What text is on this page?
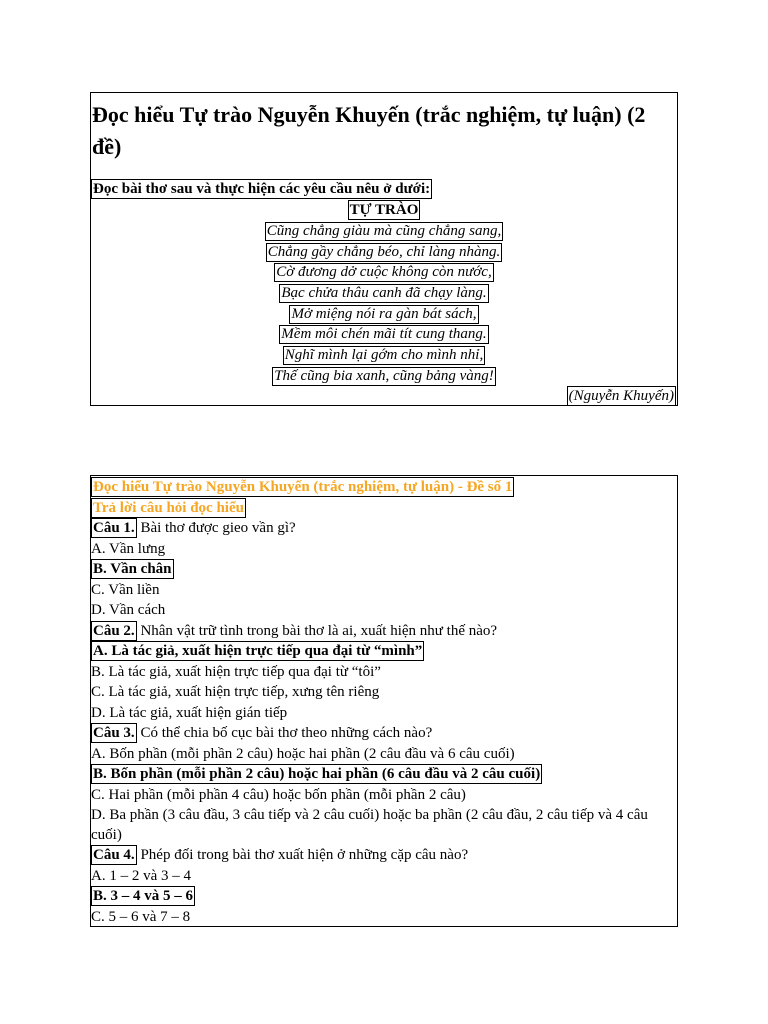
Đọc hiểu Tự trào Nguyễn Khuyến (trắc nghiệm, tự luận) (2 đề)
Đọc bài thơ sau và thực hiện các yêu cầu nêu ở dưới:
TỰ TRÀO
Cũng chẳng giàu mà cũng chẳng sang,
Chẳng gầy chẳng béo, chỉ làng nhàng.
Cờ đương dở cuộc không còn nước,
Bạc chửa thâu canh đã chạy làng.
Mở miệng nói ra gàn bát sách,
Mềm môi chén mãi tít cung thang.
Nghĩ mình lại gớm cho mình nhỉ,
Thế cũng bia xanh, cũng bảng vàng!
(Nguyễn Khuyến)
Đọc hiểu Tự trào Nguyễn Khuyến (trắc nghiệm, tự luận) - Đề số 1
Trả lời câu hỏi đọc hiểu
Câu 1. Bài thơ được gieo vần gì?
A. Vần lưng
B. Vần chân
C. Vần liền
D. Vần cách
Câu 2. Nhân vật trữ tình trong bài thơ là ai, xuất hiện như thế nào?
A. Là tác giả, xuất hiện trực tiếp qua đại từ “mình”
B. Là tác giả, xuất hiện trực tiếp qua đại từ “tôi”
C. Là tác giả, xuất hiện trực tiếp, xưng tên riêng
D. Là tác giả, xuất hiện gián tiếp
Câu 3. Có thể chia bố cục bài thơ theo những cách nào?
A. Bốn phần (mỗi phần 2 câu) hoặc hai phần (2 câu đầu và 6 câu cuối)
B. Bốn phần (mỗi phần 2 câu) hoặc hai phần (6 câu đầu và 2 câu cuối)
C. Hai phần (mỗi phần 4 câu) hoặc bốn phần (mỗi phần 2 câu)
D. Ba phần (3 câu đầu, 3 câu tiếp và 2 câu cuối) hoặc ba phần (2 câu đầu, 2 câu tiếp và 4 câu cuối)
Câu 4. Phép đối trong bài thơ xuất hiện ở những cặp câu nào?
A. 1 – 2 và 3 – 4
B. 3 – 4 và 5 – 6
C. 5 – 6 và 7 – 8
